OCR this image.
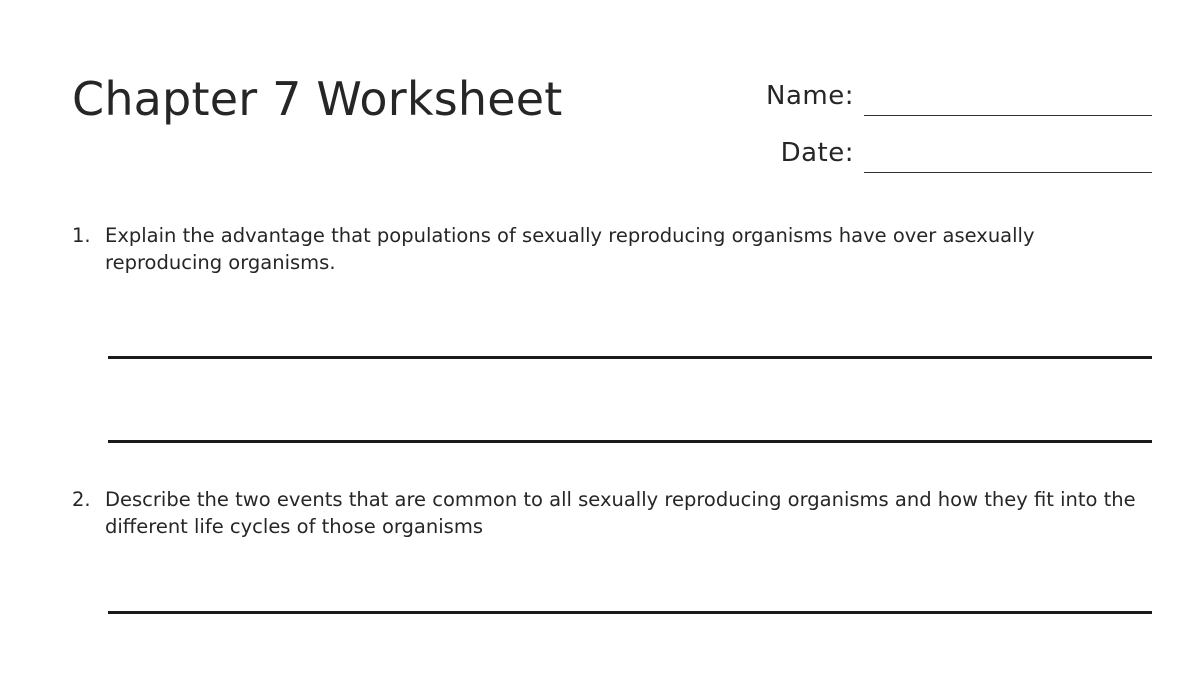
Chapter 7 Worksheet	Name:
Date:
1. Explain the advantage that populations of sexually reproducing organisms have over asexually reproducing organisms.
2. Describe the two events that are common to all sexually reproducing organisms and how they fit into the different life cycles of those organisms
